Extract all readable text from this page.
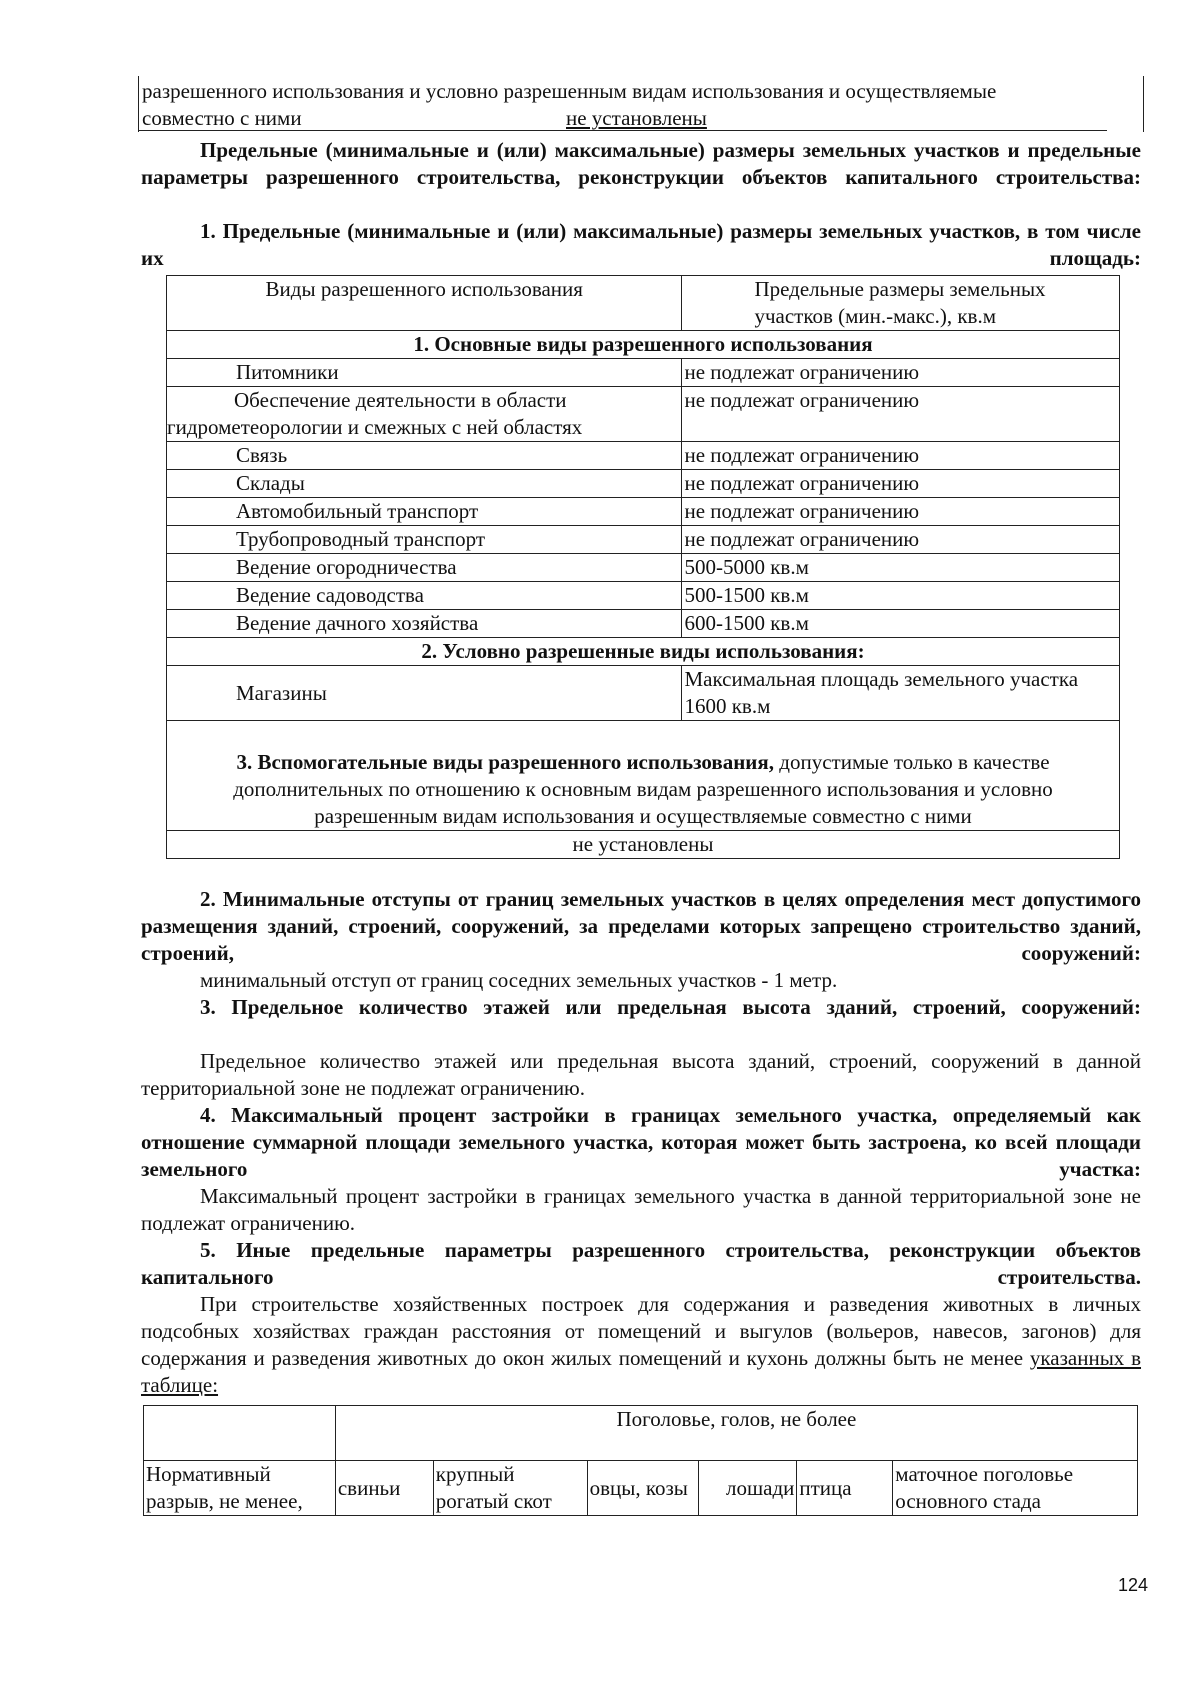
разрешенного использования и условно разрешенным видам использования и осуществляемые
совместно с ними	не установлены
Предельные (минимальные и (или) максимальные) размеры земельных участков и предельные параметры разрешенного строительства, реконструкции объектов капитального строительства:
1. Предельные (минимальные и (или) максимальные) размеры земельных участков, в том числе их площадь:
Виды разрешенного использования	Предельные размеры земельных участков (мин.-макс.), кв.м
1. Основные виды разрешенного использования	
Питомники	не подлежат ограничению

Обеспечение деятельности в области гидрометеорологии и смежных с ней областях	не подлежат ограничению
Связь	не подлежат ограничению
Склады	не подлежат ограничению
Автомобильный транспорт	не подлежат ограничению
Трубопроводный транспорт	не подлежат ограничению
Ведение огородничества	500-5000 кв.м
Ведение садоводства	500-1500 кв.м
Ведение дачного хозяйства	600-1500 кв.м
2. Условно разрешенные виды использования:	
Магазины	Максимальная площадь земельного участка 1600 кв.м
3. Вспомогательные виды разрешенного использования, допустимые только в качестве дополнительных по отношению к основным видам разрешенного использования и условно разрешенным видам использования и осуществляемые совместно с ними	
не установлены	
2. Минимальные отступы от границ земельных участков в целях определения мест допустимого размещения зданий, строений, сооружений, за пределами которых запрещено строительство зданий, строений, сооружений:
минимальный отступ от границ соседних земельных участков - 1 метр.
3. Предельное количество этажей или предельная высота зданий, строений, сооружений:
Предельное количество этажей или предельная высота зданий, строений, сооружений в данной территориальной зоне не подлежат ограничению.
4. Максимальный процент застройки в границах земельного участка, определяемый как отношение суммарной площади земельного участка, которая может быть застроена, ко всей площади земельного участка:
Максимальный процент застройки в границах земельного участка в данной территориальной зоне не подлежат ограничению.
5. Иные предельные параметры разрешенного строительства, реконструкции объектов капитального строительства.
При строительстве хозяйственных построек для содержания и разведения животных в личных подсобных хозяйствах граждан расстояния от помещений и выгулов (вольеров, навесов, загонов) для содержания и разведения животных до окон жилых помещений и кухонь должны быть не менее указанных в таблице:
	Поголовье, голов, не более					
Нормативный разрыв, не менее,	свиньи	крупный рогатый скот	овцы, козы	лошади	птица	маточное поголовье основного стада
124
